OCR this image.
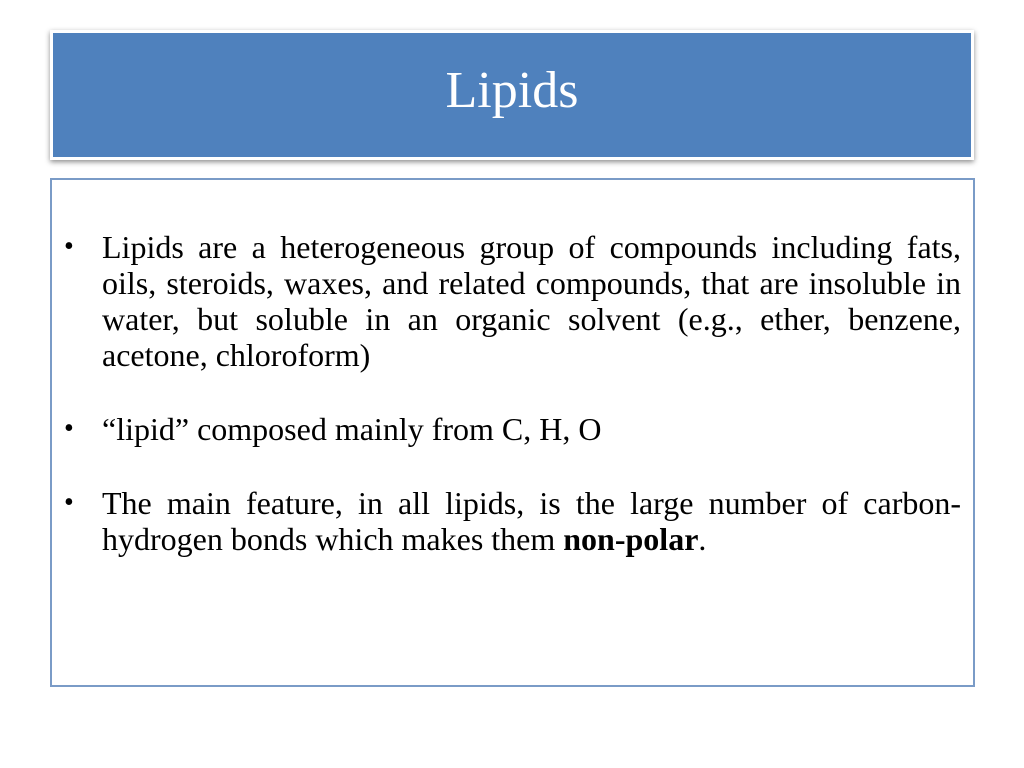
Lipids
• Lipids are a heterogeneous group of compounds including fats, oils, steroids, waxes, and related compounds, that are insoluble in water, but soluble in an organic solvent (e.g., ether, benzene, acetone, chloroform)
• “lipid” composed mainly from C, H, O
• The main feature, in all lipids, is the large number of carbon-hydrogen bonds which makes them non-polar.
